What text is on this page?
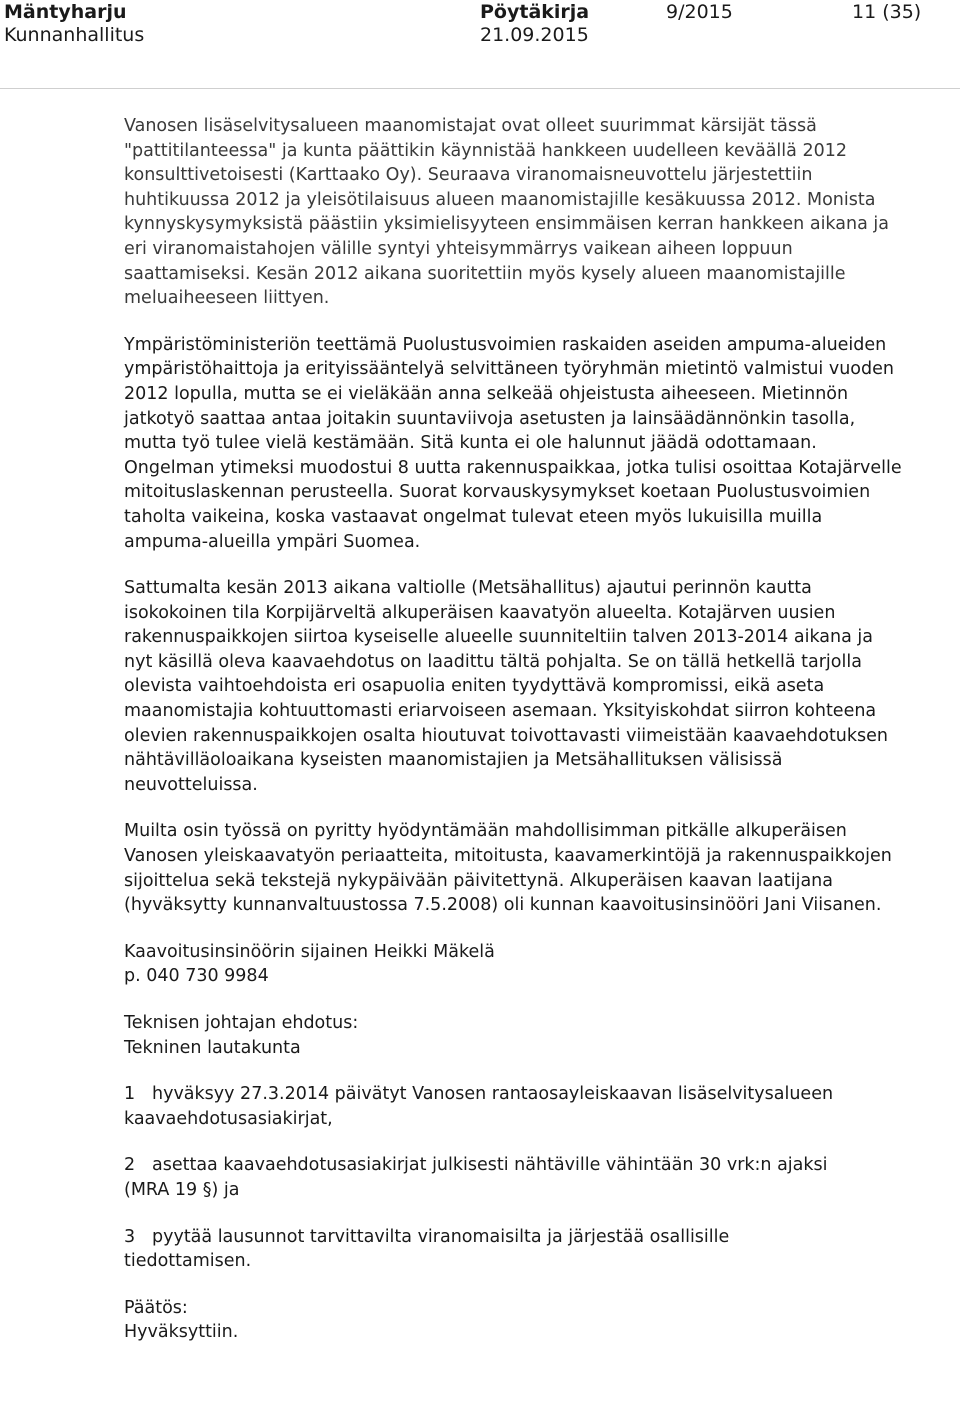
Mäntyharju
Kunnanhallitus
Pöytäkirja
21.09.2015
9/2015	11 (35)

Vanosen lisäselvitysalueen maanomistajat ovat olleet suurimmat kärsijät tässä "pattitilanteessa" ja kunta päättikin käynnistää hankkeen uudelleen keväällä 2012 konsulttivetoisesti (Karttaako Oy). Seuraava viranomaisneuvottelu järjestettiin huhtikuussa 2012 ja yleisötilaisuus alueen maanomistajille kesäkuussa 2012. Monista kynnyskysymyksistä päästiin yksimielisyyteen ensimmäisen kerran hankkeen aikana ja eri viranomaistahojen välille syntyi yhteisymmärrys vaikean aiheen loppuun saattamiseksi. Kesän 2012 aikana suoritettiin myös kysely alueen maanomistajille meluaiheeseen liittyen.

Ympäristöministeriön teettämä Puolustusvoimien raskaiden aseiden ampuma-alueiden ympäristöhaittoja ja erityissääntelyä selvittäneen työryhmän mietintö valmistui vuoden 2012 lopulla, mutta se ei vieläkään anna selkeää ohjeistusta aiheeseen. Mietinnön jatkotyö saattaa antaa joitakin suuntaviivoja asetusten ja lainsäädännönkin tasolla, mutta työ tulee vielä kestämään. Sitä kunta ei ole halunnut jäädä odottamaan. Ongelman ytimeksi muodostui 8 uutta rakennuspaikkaa, jotka tulisi osoittaa Kotajärvelle mitoituslaskennan perusteella. Suorat korvauskysymykset koetaan Puolustusvoimien taholta vaikeina, koska vastaavat ongelmat tulevat eteen myös lukuisilla muilla ampuma-alueilla ympäri Suomea.

Sattumalta kesän 2013 aikana valtiolle (Metsähallitus) ajautui perinnön kautta isokokoinen tila Korpijärveltä alkuperäisen kaavatyön alueelta. Kotajärven uusien rakennuspaikkojen siirtoa kyseiselle alueelle suunniteltiin talven 2013-2014 aikana ja nyt käsillä oleva kaavaehdotus on laadittu tältä pohjalta. Se on tällä hetkellä tarjolla olevista vaihtoehdoista eri osapuolia eniten tyydyttävä kompromissi, eikä aseta maanomistajia kohtuuttomasti eriarvoiseen asemaan. Yksityiskohdat siirron kohteena olevien rakennuspaikkojen osalta hioutuvat toivottavasti viimeistään kaavaehdotuksen nähtävilläoloaikana kyseisten maanomistajien ja Metsähallituksen välisissä neuvotteluissa.

Muilta osin työssä on pyritty hyödyntämään mahdollisimman pitkälle alkuperäisen Vanosen yleiskaavatyön periaatteita, mitoitusta, kaavamerkintöjä ja rakennuspaikkojen sijoittelua sekä tekstejä nykypäivään päivitettynä. Alkuperäisen kaavan laatijana (hyväksytty kunnanvaltuustossa 7.5.2008) oli kunnan kaavoitusinsinööri Jani Viisanen.

Kaavoitusinsinöörin sijainen Heikki Mäkelä
p. 040 730 9984
Teknisen johtajan ehdotus:
Tekninen lautakunta
1 hyväksyy 27.3.2014 päivätyt Vanosen rantaosayleiskaavan lisäselvitysalueen
kaavaehdotusasiakirjat,
2 asettaa kaavaehdotusasiakirjat julkisesti nähtäville vähintään 30 vrk:n ajaksi
(MRA 19 §) ja
3 pyytää lausunnot tarvittavilta viranomaisilta ja järjestää osallisille
tiedottamisen.
Päätös:
Hyväksyttiin.
